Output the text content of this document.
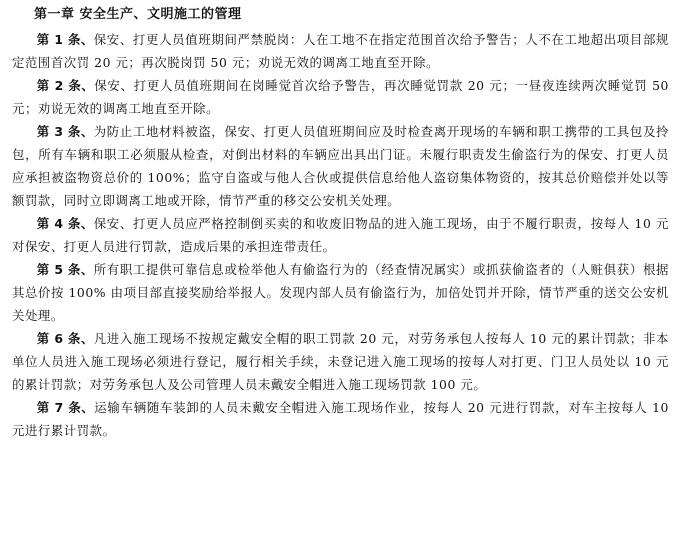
第一章 安全生产、文明施工的管理

第 1 条、保安、打更人员值班期间严禁脱岗：人在工地不在指定范围首次给予警告；人不在工地超出项目部规定范围首次罚 20 元；再次脱岗罚 50 元；劝说无效的调离工地直至开除。

第 2 条、保安、打更人员值班期间在岗睡觉首次给予警告，再次睡觉罚款 20 元；一昼夜连续两次睡觉罚 50 元；劝说无效的调离工地直至开除。

第 3 条、为防止工地材料被盗，保安、打更人员值班期间应及时检查离开现场的车辆和职工携带的工具包及拎包，所有车辆和职工必须服从检查，对倒出材料的车辆应出具出门证。未履行职责发生偷盗行为的保安、打更人员应承担被盗物资总价的 100%；监守自盗或与他人合伙或提供信息给他人盗窃集体物资的，按其总价赔偿并处以等额罚款，同时立即调离工地或开除，情节严重的移交公安机关处理。

第 4 条、保安、打更人员应严格控制倒买卖的和收废旧物品的进入施工现场，由于不履行职责，按每人 10 元对保安、打更人员进行罚款，造成后果的承担连带责任。

第 5 条、所有职工提供可靠信息或检举他人有偷盗行为的（经查情况属实）或抓获偷盗者的（人赃俱获）根据其总价按 100% 由项目部直接奖励给举报人。发现内部人员有偷盗行为，加倍处罚并开除，情节严重的送交公安机关处理。

第 6 条、凡进入施工现场不按规定戴安全帽的职工罚款 20 元，对劳务承包人按每人 10 元的累计罚款；非本单位人员进入施工现场必须进行登记，履行相关手续，未登记进入施工现场的按每人对打更、门卫人员处以 10 元的累计罚款；对劳务承包人及公司管理人员未戴安全帽进入施工现场罚款 100 元。

第 7 条、运输车辆随车装卸的人员未戴安全帽进入施工现场作业，按每人 20 元进行罚款，对车主按每人 10 元进行累计罚款。
